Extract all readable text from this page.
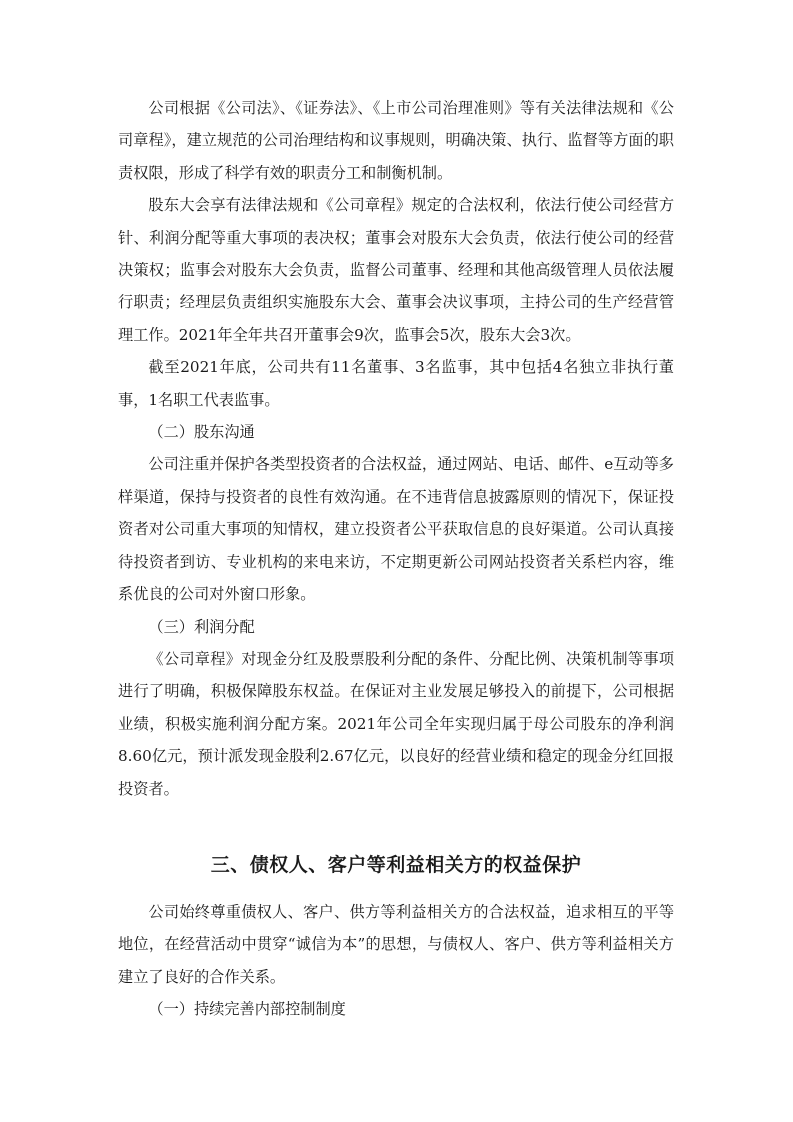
公司根据《公司法》、《证券法》、《上市公司治理准则》等有关法律法规和《公司章程》，建立规范的公司治理结构和议事规则，明确决策、执行、监督等方面的职责权限，形成了科学有效的职责分工和制衡机制。

股东大会享有法律法规和《公司章程》规定的合法权利，依法行使公司经营方针、利润分配等重大事项的表决权；董事会对股东大会负责，依法行使公司的经营决策权；监事会对股东大会负责，监督公司董事、经理和其他高级管理人员依法履行职责；经理层负责组织实施股东大会、董事会决议事项，主持公司的生产经营管理工作。2021年全年共召开董事会9次，监事会5次，股东大会3次。

截至2021年底，公司共有11名董事、3名监事，其中包括4名独立非执行董事，1名职工代表监事。

（二）股东沟通

公司注重并保护各类型投资者的合法权益，通过网站、电话、邮件、e互动等多样渠道，保持与投资者的良性有效沟通。在不违背信息披露原则的情况下，保证投资者对公司重大事项的知情权，建立投资者公平获取信息的良好渠道。公司认真接待投资者到访、专业机构的来电来访，不定期更新公司网站投资者关系栏内容，维系优良的公司对外窗口形象。

（三）利润分配

《公司章程》对现金分红及股票股利分配的条件、分配比例、决策机制等事项进行了明确，积极保障股东权益。在保证对主业发展足够投入的前提下，公司根据业绩，积极实施利润分配方案。2021年公司全年实现归属于母公司股东的净利润8.60亿元，预计派发现金股利2.67亿元，以良好的经营业绩和稳定的现金分红回报投资者。

三、债权人、客户等利益相关方的权益保护

公司始终尊重债权人、客户、供方等利益相关方的合法权益，追求相互的平等地位，在经营活动中贯穿“诚信为本”的思想，与债权人、客户、供方等利益相关方建立了良好的合作关系。

（一）持续完善内部控制制度
